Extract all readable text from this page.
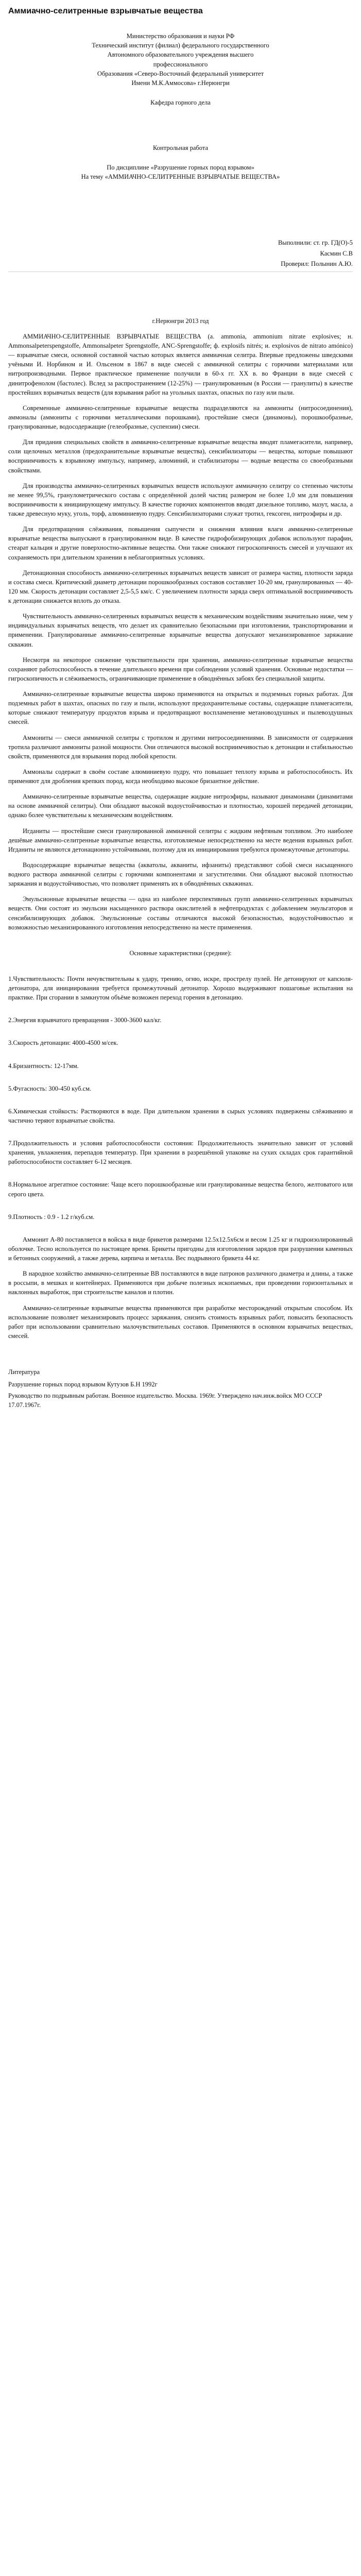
Аммиачно-селитренные взрывчатые вещества

Министерство образования и науки РФ

Технический институт (филиал) федерального государственного

Автономного образовательного учреждения высшего

профессионального

Образования «Северо-Восточный федеральный университет

Имени М.К.Аммосова» г.Нерюнгри

Кафедра горного дела

Контрольная работа

По дисциплине «Разрушение горных пород взрывом»

На тему «АММИАЧНО-СЕЛИТРЕННЫЕ ВЗРЫВЧАТЫЕ ВЕЩЕСТВА»

Выполнили: ст. гр. ГД(О)-5

Касмин С.В

Проверил: Полынин А.Ю.

г.Нерюнгри 2013 год

АММИАЧНО-СЕЛИТРЕННЫЕ ВЗРЫВЧАТЫЕ ВЕЩЕСТВА (а. ammonia, ammonium nitrate explosives; н. Ammonsalpeterspengstoffe, Ammonsalpeter Sprengstoffe, ANC-Sprengstoffe; ф. explosifs nitrés; и. explosivos de nitrato amónico) — взрывчатые смеси, основной составной частью которых является аммиачная селитра. Впервые предложены шведскими учёными И. Норбином и И. Ольсеном в 1867 в виде смесей с аммиачной селитры с горючими материалами или нитропроизводными. Первое практическое применение получили в 60-х гг. XX в. во Франции в виде смесей с динитрофенолом (бастолес). Вслед за распространением (12-25%) — гранулированным (в России — гранулиты) в качестве простейших взрывчатых веществ (для взрывания работ на угольных шахтах, опасных по газу или пыли.

Современные аммиачно-селитренные взрывчатые вещества подразделяются на аммониты (нитросоединения), аммоналы (аммониты с горючими металлическими порошками), простейшие смеси (динамоны), порошкообразные, гранулированные, водосодержащие (гелеобразные, суспензии) смеси.

Для придания специальных свойств в аммиачно-селитренные взрывчатые вещества вводят пламегасители, например, соли щелочных металлов (предохранительные взрывчатые вещества), сенсибилизаторы — вещества, которые повышают восприимчивость к взрывному импульсу, например, алюминий, и стабилизаторы — водные вещества со своеобразными свойствами.

Для производства аммиачно-селитренных взрывчатых веществ используют аммиачную селитру со степенью чистоты не менее 99,5%, гранулометрического состава с определённой долей частиц размером не более 1,0 мм для повышения восприимчивости к инициирующему импульсу. В качестве горючих компонентов вводят дизельное топливо, мазут, масла, а также древесную муку, уголь, торф, алюминиевую пудру. Сенсибилизаторами служат тротил, гексоген, нитроэфиры и др.

Для предотвращения слёживания, повышения сыпучести и снижения влияния влаги аммиачно-селитренные взрывчатые вещества выпускают в гранулированном виде. В качестве гидрофобизирующих добавок используют парафин, стеарат кальция и другие поверхностно-активные вещества. Они также снижают гигроскопичность смесей и улучшают их сохраняемость при длительном хранении в неблагоприятных условиях.

Детонационная способность аммиачно-селитренных взрывчатых веществ зависит от размера частиц, плотности заряда и состава смеси. Критический диаметр детонации порошкообразных составов составляет 10-20 мм, гранулированных — 40-120 мм. Скорость детонации составляет 2,5-5,5 км/с. С увеличением плотности заряда сверх оптимальной восприимчивость к детонации снижается вплоть до отказа.

Чувствительность аммиачно-селитренных взрывчатых веществ к механическим воздействиям значительно ниже, чем у индивидуальных взрывчатых веществ, что делает их сравнительно безопасными при изготовлении, транспортировании и применении. Гранулированные аммиачно-селитренные взрывчатые вещества допускают механизированное заряжание скважин.

Несмотря на некоторое снижение чувствительности при хранении, аммиачно-селитренные взрывчатые вещества сохраняют работоспособность в течение длительного времени при соблюдении условий хранения. Основные недостатки — гигроскопичность и слёживаемость, ограничивающие применение в обводнённых забоях без специальной защиты.

Аммиачно-селитренные взрывчатые вещества широко применяются на открытых и подземных горных работах. Для подземных работ в шахтах, опасных по газу и пыли, используют предохранительные составы, содержащие пламегасители, которые снижают температуру продуктов взрыва и предотвращают воспламенение метановоздушных и пылевоздушных смесей.

Аммониты — смеси аммиачной селитры с тротилом и другими нитросоединениями. В зависимости от содержания тротила различают аммониты разной мощности. Они отличаются высокой восприимчивостью к детонации и стабильностью свойств, применяются для взрывания пород любой крепости.

Аммоналы содержат в своём составе алюминиевую пудру, что повышает теплоту взрыва и работоспособность. Их применяют для дробления крепких пород, когда необходимо высокое бризантное действие.

Аммиачно-селитренные взрывчатые вещества, содержащие жидкие нитроэфиры, называют динамонами (динамитами на основе аммиачной селитры). Они обладают высокой водоустойчивостью и плотностью, хорошей передачей детонации, однако более чувствительны к механическим воздействиям.

Игданиты — простейшие смеси гранулированной аммиачной селитры с жидким нефтяным топливом. Это наиболее дешёвые аммиачно-селитренные взрывчатые вещества, изготовляемые непосредственно на месте ведения взрывных работ. Игданиты не являются детонационно устойчивыми, поэтому для их инициирования требуются промежуточные детонаторы.

Водосодержащие взрывчатые вещества (акватолы, акваниты, ифзаниты) представляют собой смеси насыщенного водного раствора аммиачной селитры с горючими компонентами и загустителями. Они обладают высокой плотностью заряжания и водоустойчивостью, что позволяет применять их в обводнённых скважинах.

Эмульсионные взрывчатые вещества — одна из наиболее перспективных групп аммиачно-селитренных взрывчатых веществ. Они состоят из эмульсии насыщенного раствора окислителей в нефтепродуктах с добавлением эмульгаторов и сенсибилизирующих добавок. Эмульсионные составы отличаются высокой безопасностью, водоустойчивостью и возможностью механизированного изготовления непосредственно на месте применения.

Основные характеристики (средние):

1.Чувствительность: Почти нечувствительны к удару, трению, огню, искре, прострелу пулей. Не детонируют от капсюля-детонатора, для инициирования требуется промежуточный детонатор. Хорошо выдерживают пошаговые испытания на практике. При сгорании в замкнутом объёме возможен переход горения в детонацию.

2.Энергия взрывчатого превращения - 3000-3600 кал/кг.

3.Скорость детонации: 4000-4500 м/сек.

4.Бризантность: 12-17мм.

5.Фугасность: 300-450 куб.см.

6.Химическая стойкость: Растворяются в воде. При длительном хранении в сырых условиях подвержены слёживанию и частично теряют взрывчатые свойства.

7.Продолжительность и условия работоспособности состояния: Продолжительность значительно зависит от условий хранения, увлажнения, перепадов температур. При хранении в разрешённой упаковке на сухих складах срок гарантийной работоспособности составляет 6-12 месяцев.

8.Нормальное агрегатное состояние: Чаще всего порошкообразные или гранулированные вещества белого, желтоватого или серого цвета.

9.Плотность : 0.9 - 1.2 г/куб.см.

Аммонит А-80 поставляется в войска в виде брикетов размерами 12.5x12.5x6см и весом 1.25 кг и гидроизолированный оболочке. Тесно используется по настоящее время. Брикеты пригодны для изготовления зарядов при разрушении каменных и бетонных сооружений, а также дерева, кирпича и металла. Вес подрывного брикета 44 кг.

В народное хозяйство аммиачно-селитренные ВВ поставляются в виде патронов различного диаметра и длины, а также в россыпи, в мешках и контейнерах. Применяются при добыче полезных ископаемых, при проведении горизонтальных и наклонных выработок, при строительстве каналов и плотин.

Аммиачно-селитренные взрывчатые вещества применяются при разработке месторождений открытым способом. Их использование позволяет механизировать процесс заряжания, снизить стоимость взрывных работ, повысить безопасность работ при использовании сравнительно малочувствительных составов. Применяются в основном взрывчатых веществах, смесей.

Литература

Разрушение горных пород взрывом Кутузов Б.Н 1992г

Руководство по подрывным работам. Военное издательство. Москва. 1969г. Утверждено нач.инж.войск МО СССР 17.07.1967г.
